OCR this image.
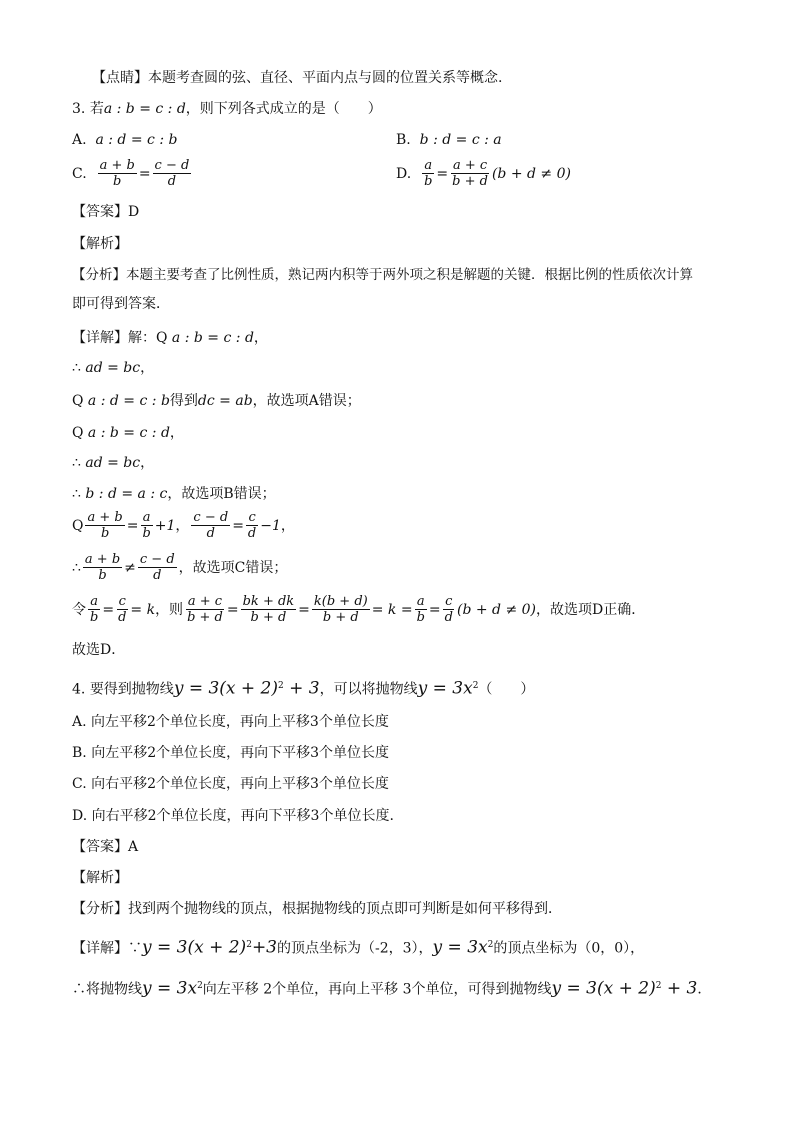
【点睛】本题考查圆的弦、直径、平面内点与圆的位置关系等概念.
3. 若a : b = c : d，则下列各式成立的是（　　）
A. a : d = c : b	B. b : d = c : a
C.
$\frac{a + b}{b} = \frac{c - d}{d}$	D.
$\frac{a}{b} = \frac{a + c}{b + d} (b + d \ne 0)$
【答案】D
【解析】
【分析】本题主要考查了比例性质，熟记两内积等于两外项之积是解题的关键．根据比例的性质依次计算
即可得到答案．
【详解】解：Q a : b = c : d，
∴ ad = bc，
Q a : d = c : b得到dc = ab，故选项A错误；
Q a : b = c : d，
∴ ad = bc，
∴ b : d = a : c，故选项B错误；
Q $\frac{a + b}{b} = \frac{a}{b} +1$ ， $\frac{c - d}{d} = \frac{c}{d} -1$ ，
∴ $\frac{a + b}{b} \ne \frac{c - d}{d}$ ，故选项C错误；
令 $\frac{a}{b} = \frac{c}{d} = k$ ，则 $\frac{a + c}{b + d} = \frac{bk + dk}{b + d} = \frac{k(b + d)}{b + d} = k = \frac{a}{b} = \frac{c}{d} (b + d \ne 0)$ ，故选项D正确．
故选D．
4. 要得到抛物线$y = 3(x + 2)^2 + 3$，可以将抛物线$y = 3x^2$（　　）
A. 向左平移2个单位长度，再向上平移3个单位长度
B. 向左平移2个单位长度，再向下平移3个单位长度
C. 向右平移2个单位长度，再向上平移3个单位长度
D. 向右平移2个单位长度，再向下平移3个单位长度.
【答案】A
【解析】
【分析】找到两个抛物线的顶点，根据抛物线的顶点即可判断是如何平移得到．
【详解】∵y = $3(x + 2)^2+3$的顶点坐标为（-2，3），$y = 3x^2$的顶点坐标为（0，0），
∴将抛物线$y = 3x^2$向左平移 2个单位，再向上平移 3个单位，可得到抛物线$y = 3(x + 2)^2 + 3$．
